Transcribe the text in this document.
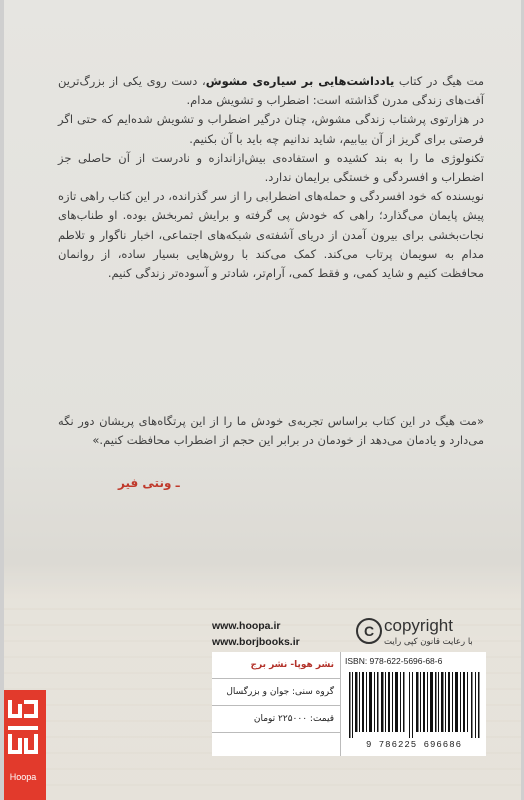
مت هیگ در کتاب یادداشت‌هایی بر سیاره‌ی مشوش، دست روی یکی از بزرگ‌ترین آفت‌های زندگی مدرن گذاشته است: اضطراب و تشویش مدام.

در هزارتوی پرشتاب زندگی مشوش، چنان درگیر اضطراب و تشویش شده‌ایم که حتی اگر فرصتی برای گریز از آن بیابیم، شاید ندانیم چه باید با آن بکنیم.

تکنولوژی ما را به بند کشیده و استفاده‌ی بیش‌ازاندازه و نادرست از آن حاصلی جز اضطراب و افسردگی و خستگی برایمان ندارد.

نویسنده که خود افسردگی و حمله‌های اضطرابی را از سر گذرانده، در این کتاب راهی تازه پیش پایمان می‌گذارد؛ راهی که خودش پی گرفته و برایش ثمربخش بوده. او طناب‌های نجات‌بخشی برای بیرون آمدن از دریای آشفته‌ی شبکه‌های اجتماعی، اخبار ناگوار و تلاطم مدام به سویمان پرتاب می‌کند. کمک می‌کند با روش‌هایی بسیار ساده، از روانمان محافظت کنیم و شاید کمی، و فقط کمی، آرام‌تر، شادتر و آسوده‌تر زندگی کنیم.

«مت هیگ در این کتاب براساس تجربه‌ی خودش ما را از این پرتگاه‌های پریشان دور نگه می‌دارد و یادمان می‌دهد از خودمان در برابر این حجم از اضطراب محافظت کنیم.»
ـ ونتی فیر
www.hoopa.ir
www.borjbooks.ir
C copyright
با رعایت قانون کپی رایت
نشر هوپا- نشر برج
گروه سنی: جوان و بزرگسال
قیمت: ۲۲۵۰۰۰ تومان
ISBN: 978-622-5696-68-6
9 786225 696686
Hoopa
